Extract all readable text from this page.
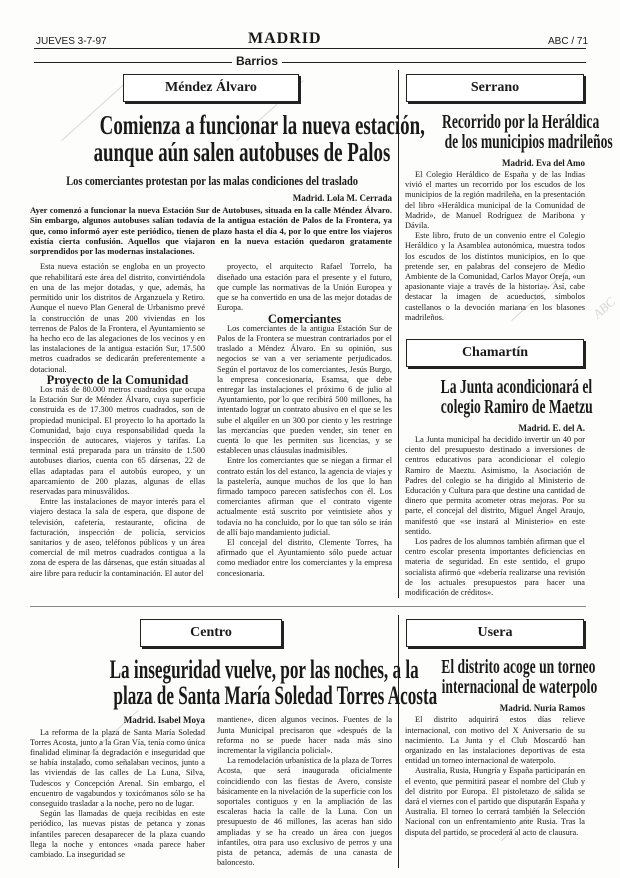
ABC
JUEVES 3-7-97	MADRID	ABC / 71
Barrios
Méndez Álvaro
Comienza a funcionar la nueva estación,
aunque aún salen autobuses de Palos
Los comerciantes protestan por las malas condiciones del traslado
Madrid. Lola M. Cerrada
Ayer comenzó a funcionar la nueva Estación Sur de Autobuses, situada en la calle Méndez Álvaro. Sin embargo, algunos autobuses salían todavía de la antigua estación de Palos de la Frontera, ya que, como informó ayer este periódico, tienen de plazo hasta el día 4, por lo que entre los viajeros existía cierta confusión. Aquellos que viajaron en la nueva estación quedaron gratamente sorprendidos por las modernas instalaciones.

Esta nueva estación se engloba en un proyecto que rehabilitará este área del distrito, convirtiéndola en una de las mejor dotadas, y que, además, ha permitido unir los distritos de Arganzuela y Retiro. Aunque el nuevo Plan General de Urbanismo prevé la construcción de unas 200 viviendas en los terrenos de Palos de la Frontera, el Ayuntamiento se ha hecho eco de las alegaciones de los vecinos y en las instalaciones de la antigua estación Sur, 17.500 metros cuadrados se dedicarán preferentemente a dotacional.

Proyecto de la Comunidad

Los más de 80.000 metros cuadrados que ocupa la Estación Sur de Méndez Álvaro, cuya superficie construida es de 17.300 metros cuadrados, son de propiedad municipal. El proyecto lo ha aportado la Comunidad, bajo cuya responsabilidad queda la inspección de autocares, viajeros y tarifas. La terminal está preparada para un tránsito de 1.500 autobuses diarios, cuenta con 65 dársenas, 22 de ellas adaptadas para el autobús europeo, y un aparcamiento de 200 plazas, algunas de ellas reservadas para minusválidos.

Entre las instalaciones de mayor interés para el viajero destaca la sala de espera, que dispone de televisión, cafetería, restaurante, oficina de facturación, inspección de policía, servicios sanitarios y de aseo, teléfonos públicos y un área comercial de mil metros cuadrados contigua a la zona de espera de las dársenas, que están situadas al aire libre para reducir la contaminación. El autor del

proyecto, el arquitecto Rafael Torrelo, ha diseñado una estación para el presente y el futuro, que cumple las normativas de la Unión Europea y que se ha convertido en una de las mejor dotadas de Europa.

Comerciantes

Los comerciantes de la antigua Estación Sur de Palos de la Frontera se muestran contrariados por el traslado a Méndez Álvaro. En su opinión, sus negocios se van a ver seriamente perjudicados. Según el portavoz de los comerciantes, Jesús Burgo, la empresa concesionaria, Esamsa, que debe entregar las instalaciones el próximo 6 de julio al Ayuntamiento, por lo que recibirá 500 millones, ha intentado lograr un contrato abusivo en el que se les sube el alquiler en un 300 por ciento y les restringe las mercancías que pueden vender, sin tener en cuenta lo que les permiten sus licencias, y se establecen unas cláusulas inadmisibles.

Entre los comerciantes que se niegan a firmar el contrato están los del estanco, la agencia de viajes y la pastelería, aunque muchos de los que lo han firmado tampoco parecen satisfechos con él. Los comerciantes afirman que el contrato vigente actualmente está suscrito por veintisiete años y todavía no ha concluido, por lo que tan sólo se irán de allí bajo mandamiento judicial.

El concejal del distrito, Clemente Torres, ha afirmado que el Ayuntamiento sólo puede actuar como mediador entre los comerciantes y la empresa concesionaria.

Serrano
Recorrido por la Heráldica
de los municipios madrileños
Madrid. Eva del Amo

El Colegio Heráldico de España y de las Indias vivió el martes un recorrido por los escudos de los municipios de la región madrileña, en la presentación del libro «Heráldica municipal de la Comunidad de Madrid», de Manuel Rodríguez de Maribona y Dávila.

Este libro, fruto de un convenio entre el Colegio Heráldico y la Asamblea autonómica, muestra todos los escudos de los distintos municipios, en lo que pretende ser, en palabras del consejero de Medio Ambiente de la Comunidad, Carlos Mayor Oreja, «un apasionante viaje a través de la historia». Así, cabe destacar la imagen de acueductos, símbolos castellanos o la devoción mariana en los blasones madrileños.

Chamartín
La Junta acondicionará el
colegio Ramiro de Maetzu
Madrid. E. del A.

La Junta municipal ha decidido invertir un 40 por ciento del presupuesto destinado a inversiones de centros educativos para acondicionar el colegio Ramiro de Maeztu. Asimismo, la Asociación de Padres del colegio se ha dirigido al Ministerio de Educación y Cultura para que destine una cantidad de dinero que permita acometer otras mejoras. Por su parte, el concejal del distrito, Miguel Ángel Araujo, manifestó que «se instará al Ministerio» en este sentido.

Los padres de los alumnos también afirman que el centro escolar presenta importantes deficiencias en materia de seguridad. En este sentido, el grupo socialista afirmó que «debería realizarse una revisión de los actuales presupuestos para hacer una modificación de créditos».

Centro
La inseguridad vuelve, por las noches, a la
plaza de Santa María Soledad Torres Acosta
Madrid. Isabel Moya

La reforma de la plaza de Santa María Soledad Torres Acosta, junto a la Gran Vía, tenía como única finalidad eliminar la degradación e inseguridad que se había instalado, como señalaban vecinos, junto a las viviendas de las calles de La Luna, Silva, Tudescos y Concepción Arenal. Sin embargo, el encuentro de vagabundos y toxicómanos sólo se ha conseguido trasladar a la noche, pero no de lugar.

Según las llamadas de queja recibidas en este periódico, las nuevas pistas de petanca y zonas infantiles parecen desaparecer de la plaza cuando llega la noche y entonces «nada parece haber cambiado. La inseguridad se

mantiene», dicen algunos vecinos. Fuentes de la Junta Municipal precisaron que «después de la reforma no se puede hacer nada más sino incrementar la vigilancia policial».

La remodelación urbanística de la plaza de Torres Acosta, que será inaugurada oficialmente coincidiendo con las fiestas de Avero, consiste básicamente en la nivelación de la superficie con los soportales contiguos y en la ampliación de las escaleras hacia la calle de la Luna. Con un presupuesto de 46 millones, las aceras han sido ampliadas y se ha creado un área con juegos infantiles, otra para uso exclusivo de perros y una pista de petanca, además de una canasta de baloncesto.

Usera
El distrito acoge un torneo
internacional de waterpolo
Madrid. Nuria Ramos

El distrito adquirirá estos días relieve internacional, con motivo del X Aniversario de su nacimiento. La Junta y el Club Moscardó han organizado en las instalaciones deportivas de esta entidad un torneo internacional de waterpolo.

Australia, Rusia, Hungría y España participarán en el evento, que permitirá pasear el nombre del Club y del distrito por Europa. El pistoletazo de salida se dará el viernes con el partido que disputarán España y Australia. El torneo lo cerrará también la Selección Nacional con un enfrentamiento ante Rusia. Tras la disputa del partido, se procederá al acto de clausura.
